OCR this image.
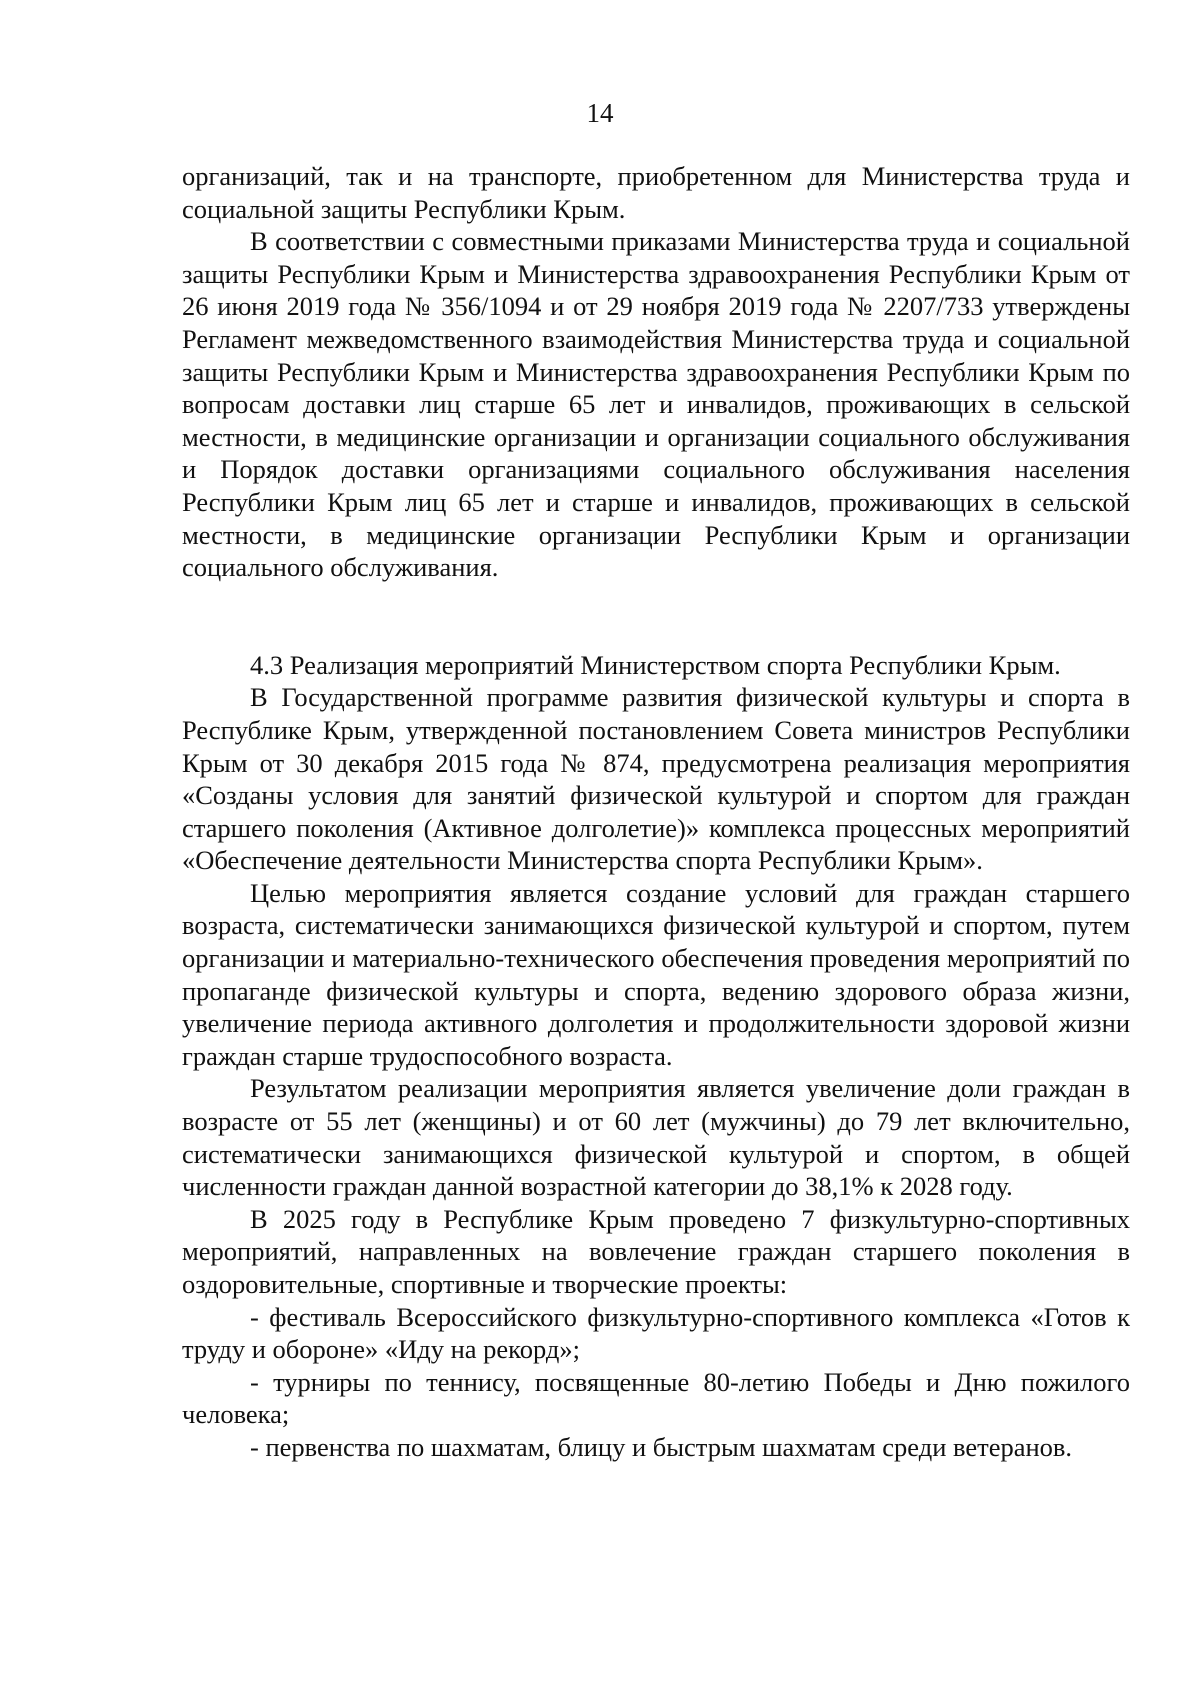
14

организаций, так и на транспорте, приобретенном для Министерства труда и социальной защиты Республики Крым.

В соответствии с совместными приказами Министерства труда и социальной защиты Республики Крым и Министерства здравоохранения Республики Крым от 26 июня 2019 года № 356/1094 и от 29 ноября 2019 года № 2207/733 утверждены Регламент межведомственного взаимодействия Министерства труда и социальной защиты Республики Крым и Министерства здравоохранения Республики Крым по вопросам доставки лиц старше 65 лет и инвалидов, проживающих в сельской местности, в медицинские организации и организации социального обслуживания и Порядок доставки организациями социального обслуживания населения Республики Крым лиц 65 лет и старше и инвалидов, проживающих в сельской местности, в медицинские организации Республики Крым и организации социального обслуживания.

4.3 Реализация мероприятий Министерством спорта Республики Крым.

В Государственной программе развития физической культуры и спорта в Республике Крым, утвержденной постановлением Совета министров Республики Крым от 30 декабря 2015 года № 874, предусмотрена реализация мероприятия «Созданы условия для занятий физической культурой и спортом для граждан старшего поколения (Активное долголетие)» комплекса процессных мероприятий «Обеспечение деятельности Министерства спорта Республики Крым».

Целью мероприятия является создание условий для граждан старшего возраста, систематически занимающихся физической культурой и спортом, путем организации и материально-технического обеспечения проведения мероприятий по пропаганде физической культуры и спорта, ведению здорового образа жизни, увеличение периода активного долголетия и продолжительности здоровой жизни граждан старше трудоспособного возраста.

Результатом реализации мероприятия является увеличение доли граждан в возрасте от 55 лет (женщины) и от 60 лет (мужчины) до 79 лет включительно, систематически занимающихся физической культурой и спортом, в общей численности граждан данной возрастной категории до 38,1% к 2028 году.

В 2025 году в Республике Крым проведено 7 физкультурно-спортивных мероприятий, направленных на вовлечение граждан старшего поколения в оздоровительные, спортивные и творческие проекты:

- фестиваль Всероссийского физкультурно-спортивного комплекса «Готов к труду и обороне» «Иду на рекорд»;

- турниры по теннису, посвященные 80-летию Победы и Дню пожилого человека;

- первенства по шахматам, блицу и быстрым шахматам среди ветеранов.
